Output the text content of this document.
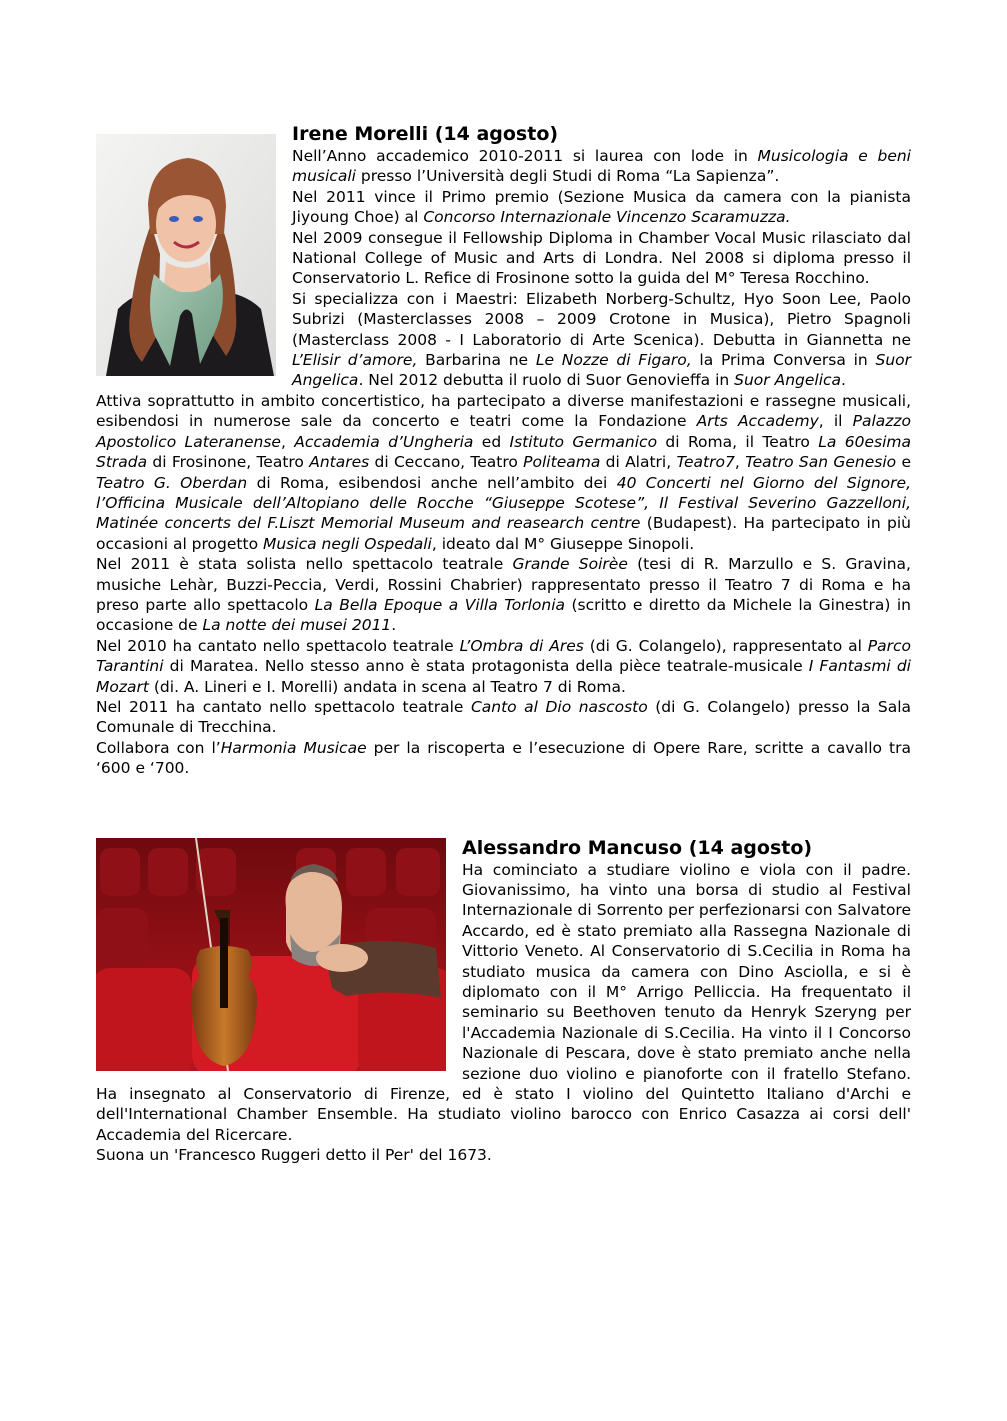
Irene Morelli (14 agosto)

Nell’Anno accademico 2010-2011 si laurea con lode in Musicologia e beni musicali presso l’Università degli Studi di Roma “La Sapienza”.

Nel 2011 vince il Primo premio (Sezione Musica da camera con la pianista Jiyoung Choe) al Concorso Internazionale Vincenzo Scaramuzza.

Nel 2009 consegue il Fellowship Diploma in Chamber Vocal Music rilasciato dal National College of Music and Arts di Londra. Nel 2008 si diploma presso il Conservatorio L. Refice di Frosinone sotto la guida del M° Teresa Rocchino.

Si specializza con i Maestri: Elizabeth Norberg-Schultz, Hyo Soon Lee, Paolo Subrizi (Masterclasses 2008 – 2009 Crotone in Musica), Pietro Spagnoli (Masterclass 2008 - I Laboratorio di Arte Scenica). Debutta in Giannetta ne L’Elisir d’amore, Barbarina ne Le Nozze di Figaro, la Prima Conversa in Suor Angelica. Nel 2012 debutta il ruolo di Suor Genovieffa in Suor Angelica.

Attiva soprattutto in ambito concertistico, ha partecipato a diverse manifestazioni e rassegne musicali, esibendosi in numerose sale da concerto e teatri come la Fondazione Arts Accademy, il Palazzo Apostolico Lateranense, Accademia d’Ungheria ed Istituto Germanico di Roma, il Teatro La 60esima Strada di Frosinone, Teatro Antares di Ceccano, Teatro Politeama di Alatri, Teatro7, Teatro San Genesio e Teatro G. Oberdan di Roma, esibendosi anche nell’ambito dei 40 Concerti nel Giorno del Signore, l’Officina Musicale dell’Altopiano delle Rocche “Giuseppe Scotese”, Il Festival Severino Gazzelloni, Matinée concerts del F.Liszt Memorial Museum and reasearch centre (Budapest). Ha partecipato in più occasioni al progetto Musica negli Ospedali, ideato dal M° Giuseppe Sinopoli.

Nel 2011 è stata solista nello spettacolo teatrale Grande Soirèe (tesi di R. Marzullo e S. Gravina, musiche Lehàr, Buzzi-Peccia, Verdi, Rossini Chabrier) rappresentato presso il Teatro 7 di Roma e ha preso parte allo spettacolo La Bella Epoque a Villa Torlonia (scritto e diretto da Michele la Ginestra) in occasione de La notte dei musei 2011.

Nel 2010 ha cantato nello spettacolo teatrale L’Ombra di Ares (di G. Colangelo), rappresentato al Parco Tarantini di Maratea. Nello stesso anno è stata protagonista della pièce teatrale-musicale I Fantasmi di Mozart (di. A. Lineri e I. Morelli) andata in scena al Teatro 7 di Roma.

Nel 2011 ha cantato nello spettacolo teatrale Canto al Dio nascosto (di G. Colangelo) presso la Sala Comunale di Trecchina.

Collabora con l’Harmonia Musicae per la riscoperta e l’esecuzione di Opere Rare, scritte a cavallo tra ‘600 e ‘700.

Alessandro Mancuso (14 agosto)

Ha cominciato a studiare violino e viola con il padre. Giovanissimo, ha vinto una borsa di studio al Festival Internazionale di Sorrento per perfezionarsi con Salvatore Accardo, ed è stato premiato alla Rassegna Nazionale di Vittorio Veneto. Al Conservatorio di S.Cecilia in Roma ha studiato musica da camera con Dino Asciolla, e si è diplomato con il M° Arrigo Pelliccia. Ha frequentato il seminario su Beethoven tenuto da Henryk Szeryng per l'Accademia Nazionale di S.Cecilia. Ha vinto il I Concorso Nazionale di Pescara, dove è stato premiato anche nella sezione duo violino e pianoforte con il fratello Stefano. Ha insegnato al Conservatorio di Firenze, ed è stato I violino del Quintetto Italiano d'Archi e dell'International Chamber Ensemble. Ha studiato violino barocco con Enrico Casazza ai corsi dell' Accademia del Ricercare.

Suona un 'Francesco Ruggeri detto il Per' del 1673.
